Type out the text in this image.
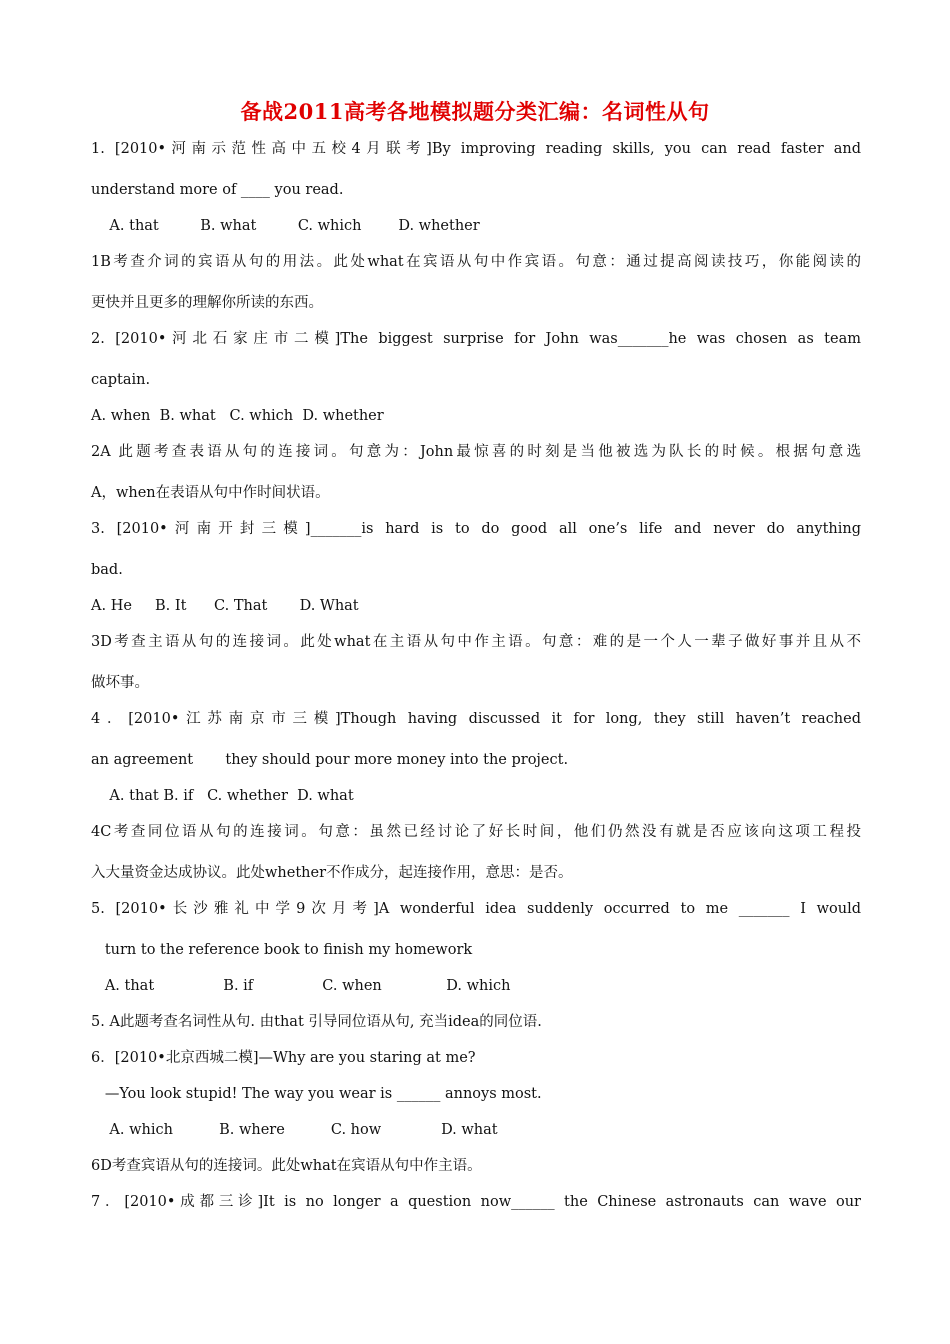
备战2011高考各地模拟题分类汇编：名词性从句
1. [2010•河南示范性高中五校4月联考]By improving reading skills, you can read faster and
understand more of ____ you read.
A. that         B. what         C. which        D. whether
1B考查介词的宾语从句的用法。此处what在宾语从句中作宾语。句意：通过提高阅读技巧，你能阅读的
更快并且更多的理解你所读的东西。
2. [2010•河北石家庄市二模]The biggest surprise for John was_______he was chosen as team
captain.
A. when  B. what   C. which  D. whether
2A 此题考查表语从句的连接词。句意为：John最惊喜的时刻是当他被选为队长的时候。根据句意选
A，when在表语从句中作时间状语。
3. [2010•河南开封三模]_______is hard is to do good all one’s life and never do anything
bad.
A. He     B. It      C. That       D. What
3D考查主语从句的连接词。此处what在主语从句中作主语。句意：难的是一个人一辈子做好事并且从不
做坏事。
4．[2010•江苏南京市三模]Though having discussed it for long, they still haven’t reached
an agreement       they should pour more money into the project.
A. that B. if   C. whether  D. what
4C考查同位语从句的连接词。句意：虽然已经讨论了好长时间，他们仍然没有就是否应该向这项工程投
入大量资金达成协议。此处whether不作成分，起连接作用，意思：是否。
5. [2010•长沙雅礼中学9次月考]A wonderful idea suddenly occurred to me _______ I would
turn to the reference book to finish my homework
A. that               B. if               C. when              D. which
5. A此题考查名词性从句. 由that 引导同位语从句, 充当idea的同位语.
6．[2010•北京西城二模]—Why are you staring at me?
—You look stupid! The way you wear is ______ annoys most.
A. which          B. where          C. how             D. what
6D考查宾语从句的连接词。此处what在宾语从句中作主语。
7．[2010•成都三诊]It is no longer a question now______ the Chinese astronauts can wave our
